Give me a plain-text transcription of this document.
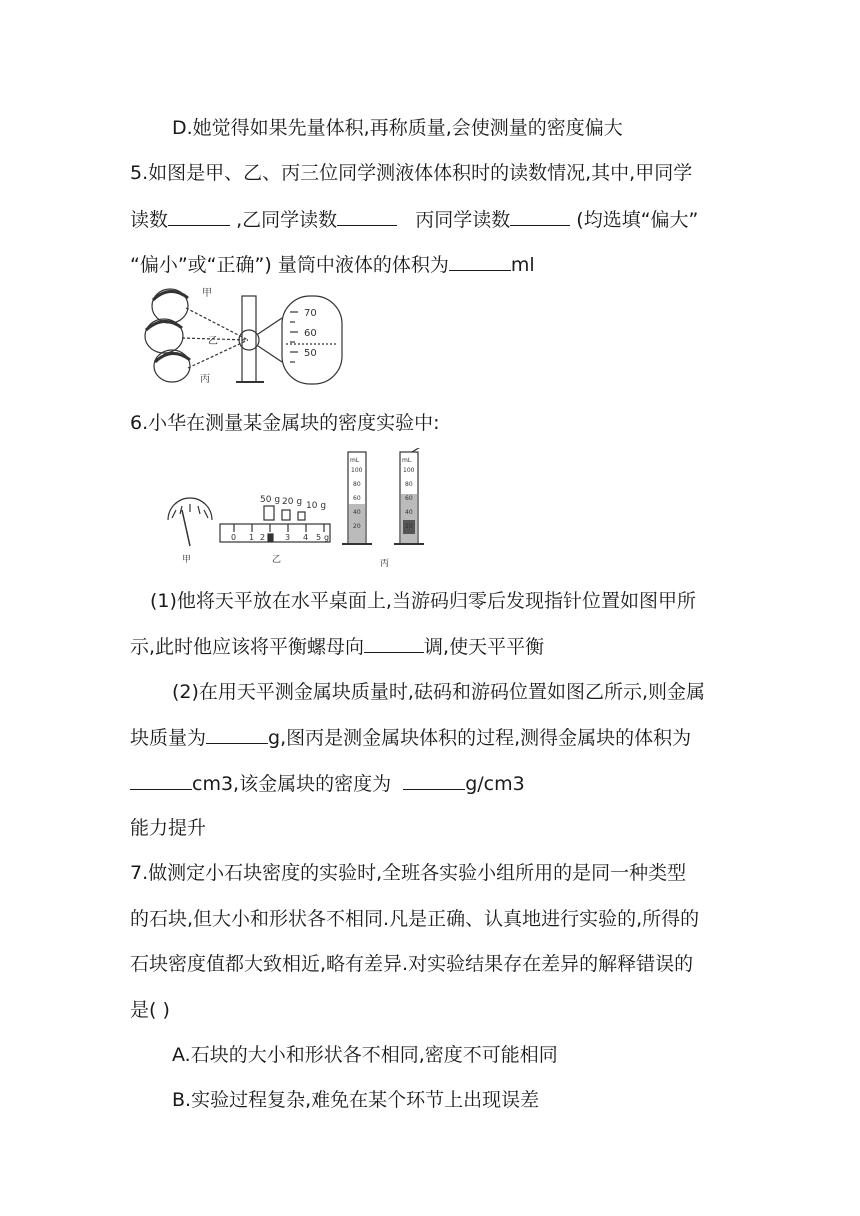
D.她觉得如果先量体积,再称质量,会使测量的密度偏大
5.如图是甲、乙、丙三位同学测液体体积时的读数情况,其中,甲同学
读数	,乙同学读数	丙同学读数	(均选填“偏大”
“偏小”或“正确”) 量筒中液体的体积为	ml
甲
乙
丙
70
60
50
6.小华在测量某金属块的密度实验中:
甲	乙	丙
50 g 20 g 10 g
0 1 2 3 4 5 g
mL
100
80
60
40
20
mL
100
80
60
40
20
(1)他将天平放在水平桌面上,当游码归零后发现指针位置如图甲所
示,此时他应该将平衡螺母向	调,使天平平衡
(2)在用天平测金属块质量时,砝码和游码位置如图乙所示,则金属
块质量为	g,图丙是测金属块体积的过程,测得金属块的体积为
cm3,该金属块的密度为	g/cm3
能力提升
7.做测定小石块密度的实验时,全班各实验小组所用的是同一种类型
的石块,但大小和形状各不相同.凡是正确、认真地进行实验的,所得的
石块密度值都大致相近,略有差异.对实验结果存在差异的解释错误的
是( )
A.石块的大小和形状各不相同,密度不可能相同
B.实验过程复杂,难免在某个环节上出现误差
